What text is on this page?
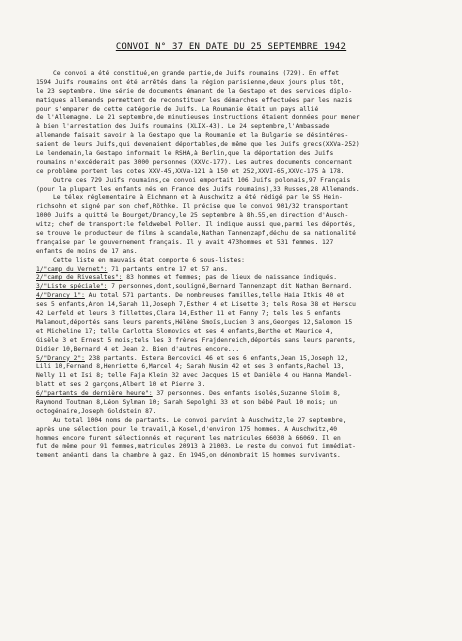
CONVOI N° 37 EN DATE DU 25 SEPTEMBRE 1942
Ce convoi a été constitué,en grande partie,de Juifs roumains (729). En effet
1594 Juifs roumains ont été arrêtés dans la région parisienne,deux jours plus tôt,
le 23 septembre. Une série de documents émanant de la Gestapo et des services diplo-
matiques allemands permettent de reconstituer les démarches effectuées par les nazis
pour s'emparer de cette catégorie de Juifs. La Roumanie était un pays allié
de l'Allemagne. Le 21 septembre,de minutieuses instructions étaient données pour mener
à bien l'arrestation des Juifs roumains (XLIX-43). Le 24 septembre,l'Ambassade
allemande faisait savoir à la Gestapo que la Roumanie et la Bulgarie se désintéres-
saient de leurs Juifs,qui devenaient déportables,de même que les Juifs grecs(XXVa-252)
Le lendemain,la Gestapo informait le RSHA,à Berlin,que la déportation des Juifs
roumains n'excéderait pas 3000 personnes (XXVc-177). Les autres documents concernant
ce problème portent les cotes XXV-45,XXVa-121 à 150 et 252,XXVI-65,XXVc-175 à 178.
Outre ces 729 Juifs roumains,ce convoi emportait 106 Juifs polonais,97 Français
(pour la plupart les enfants nés en France des Juifs roumains),33 Russes,28 Allemands.
Le télex réglementaire à Eichmann et à Auschwitz a été rédigé par le SS Hein-
richsohn et signé par son chef,Röthke. Il précise que le convoi 901/32 transportant
1000 Juifs a quitté le Bourget/Drancy,le 25 septembre à 8h.55,en direction d'Ausch-
witz; chef de transport:le feldwebel Poller. Il indique aussi que,parmi les déportés,
se trouve le producteur de films à scandale,Nathan Tannenzapf,déchu de sa nationalité
française par le gouvernement français. Il y avait 473hommes et 531 femmes. 127
enfants de moins de 17 ans.
Cette liste en mauvais état comporte 6 sous-listes:
1/"camp du Vernet": 71 partants entre 17 et 57 ans.
2/"camp de Rivesaltes": 83 hommes et femmes; pas de lieux de naissance indiqués.
3/"Liste spéciale": 7 personnes,dont,souligné,Bernard Tannenzapt dit Nathan Bernard.
4/"Drancy 1": Au total 571 partants. De nombreuses familles,telle Haia Itkis 40 et
ses 5 enfants,Aron 14,Sarah 11,Joseph 7,Esther 4 et Lisette 3; tels Rosa 38 et Herscu
42 Lerfeld et leurs 3 fillettes,Clara 14,Esther 11 et Fanny 7; tels les 5 enfants
Malamout,déportés sans leurs parents,Hélène Smoïs,Lucien 3 ans,Georges 12,Salomon 15
et Micheline 17; telle Carlotta Slomovics et ses 4 enfants,Berthe et Maurice 4,
Gisèle 3 et Ernest 5 mois;tels les 3 frères Frajdenreich,déportés sans leurs parents,
Didier 10,Bernard 4 et Jean 2. Bien d'autres encore...
5/"Drancy 2": 238 partants. Estera Bercovici 46 et ses 6 enfants,Jean 15,Joseph 12,
Lili 10,Fernand 8,Henriette 6,Marcel 4; Sarah Nusim 42 et ses 3 enfants,Rachel 13,
Nelly 11 et Isi 8; telle Faja Klein 32 avec Jacques 15 et Danièle 4 ou Hanna Mandel-
blatt et ses 2 garçons,Albert 10 et Pierre 3.
6/"partants de dernière heure": 37 personnes. Des enfants isolés,Suzanne Sloim 8,
Raymond Toutman 8,Léon Sylman 10; Sarah Sepolghi 33 et son bébé Paul 10 mois; un
octogénaire,Joseph Goldstein 87.
Au total 1004 noms de partants. Le convoi parvint à Auschwitz,le 27 septembre,
après une sélection pour le travail,à Kosel,d'environ 175 hommes. A Auschwitz,40
hommes encore furent sélectionnés et reçurent les matricules 66030 à 66069. Il en
fut de même pour 91 femmes,matricules 20913 à 21003. Le reste du convoi fut immédiat-
tement anéanti dans la chambre à gaz. En 1945,on dénombrait 15 hommes survivants.
